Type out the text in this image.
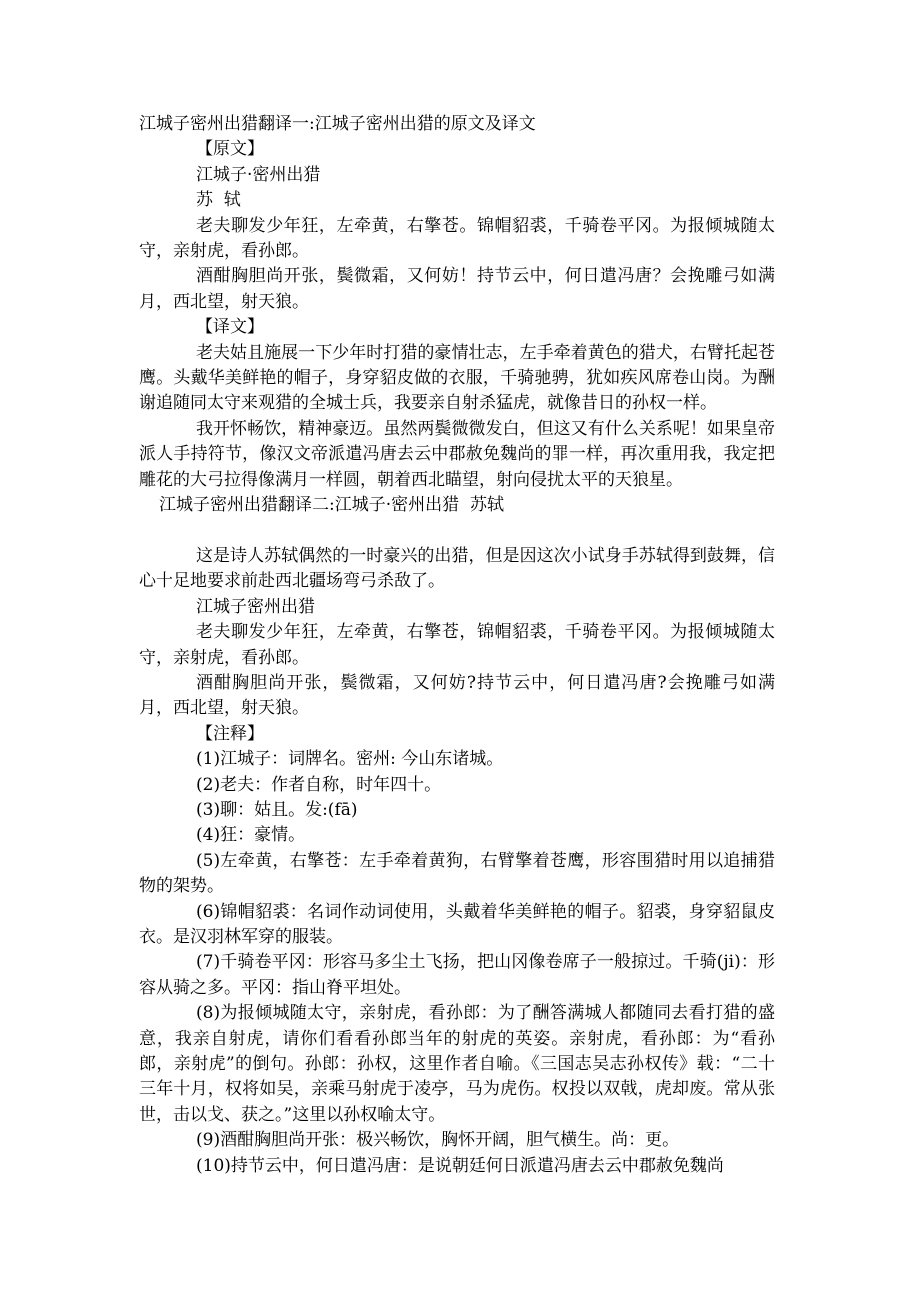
江城子密州出猎翻译一:江城子密州出猎的原文及译文

【原文】

江城子·密州出猎

苏  轼

老夫聊发少年狂，左牵黄，右擎苍。锦帽貂裘，千骑卷平冈。为报倾城随太守，亲射虎，看孙郎。

酒酣胸胆尚开张，鬓微霜，又何妨！持节云中，何日遣冯唐？会挽雕弓如满月，西北望，射天狼。

【译文】

老夫姑且施展一下少年时打猎的豪情壮志，左手牵着黄色的猎犬，右臂托起苍鹰。头戴华美鲜艳的帽子，身穿貂皮做的衣服，千骑驰骋，犹如疾风席卷山岗。为酬谢追随同太守来观猎的全城士兵，我要亲自射杀猛虎，就像昔日的孙权一样。

我开怀畅饮，精神豪迈。虽然两鬓微微发白，但这又有什么关系呢！如果皇帝派人手持符节，像汉文帝派遣冯唐去云中郡赦免魏尚的罪一样，再次重用我，我定把雕花的大弓拉得像满月一样圆，朝着西北瞄望，射向侵扰太平的天狼星。

江城子密州出猎翻译二:江城子·密州出猎  苏轼

这是诗人苏轼偶然的一时豪兴的出猎，但是因这次小试身手苏轼得到鼓舞，信心十足地要求前赴西北疆场弯弓杀敌了。

江城子密州出猎

老夫聊发少年狂，左牵黄，右擎苍，锦帽貂裘，千骑卷平冈。为报倾城随太守，亲射虎，看孙郎。

酒酣胸胆尚开张，鬓微霜，又何妨?持节云中，何日遣冯唐?会挽雕弓如满月，西北望，射天狼。

【注释】

(1)江城子：词牌名。密州: 今山东诸城。

(2)老夫：作者自称，时年四十。

(3)聊：姑且。发:(fā)

(4)狂：豪情。

(5)左牵黄，右擎苍：左手牵着黄狗，右臂擎着苍鹰，形容围猎时用以追捕猎物的架势。

(6)锦帽貂裘：名词作动词使用，头戴着华美鲜艳的帽子。貂裘，身穿貂鼠皮衣。是汉羽林军穿的服装。

(7)千骑卷平冈：形容马多尘土飞扬，把山冈像卷席子一般掠过。千骑(ji)：形容从骑之多。平冈：指山脊平坦处。

(8)为报倾城随太守，亲射虎，看孙郎：为了酬答满城人都随同去看打猎的盛意，我亲自射虎，请你们看看孙郎当年的射虎的英姿。亲射虎，看孙郎：为“看孙郎，亲射虎”的倒句。孙郎：孙权，这里作者自喻。《三国志吴志孙权传》载：“二十三年十月，权将如吴，亲乘马射虎于凌亭，马为虎伤。权投以双戟，虎却废。常从张世，击以戈、获之。”这里以孙权喻太守。

(9)酒酣胸胆尚开张：极兴畅饮，胸怀开阔，胆气横生。尚：更。

(10)持节云中，何日遣冯唐：是说朝廷何日派遣冯唐去云中郡赦免魏尚
